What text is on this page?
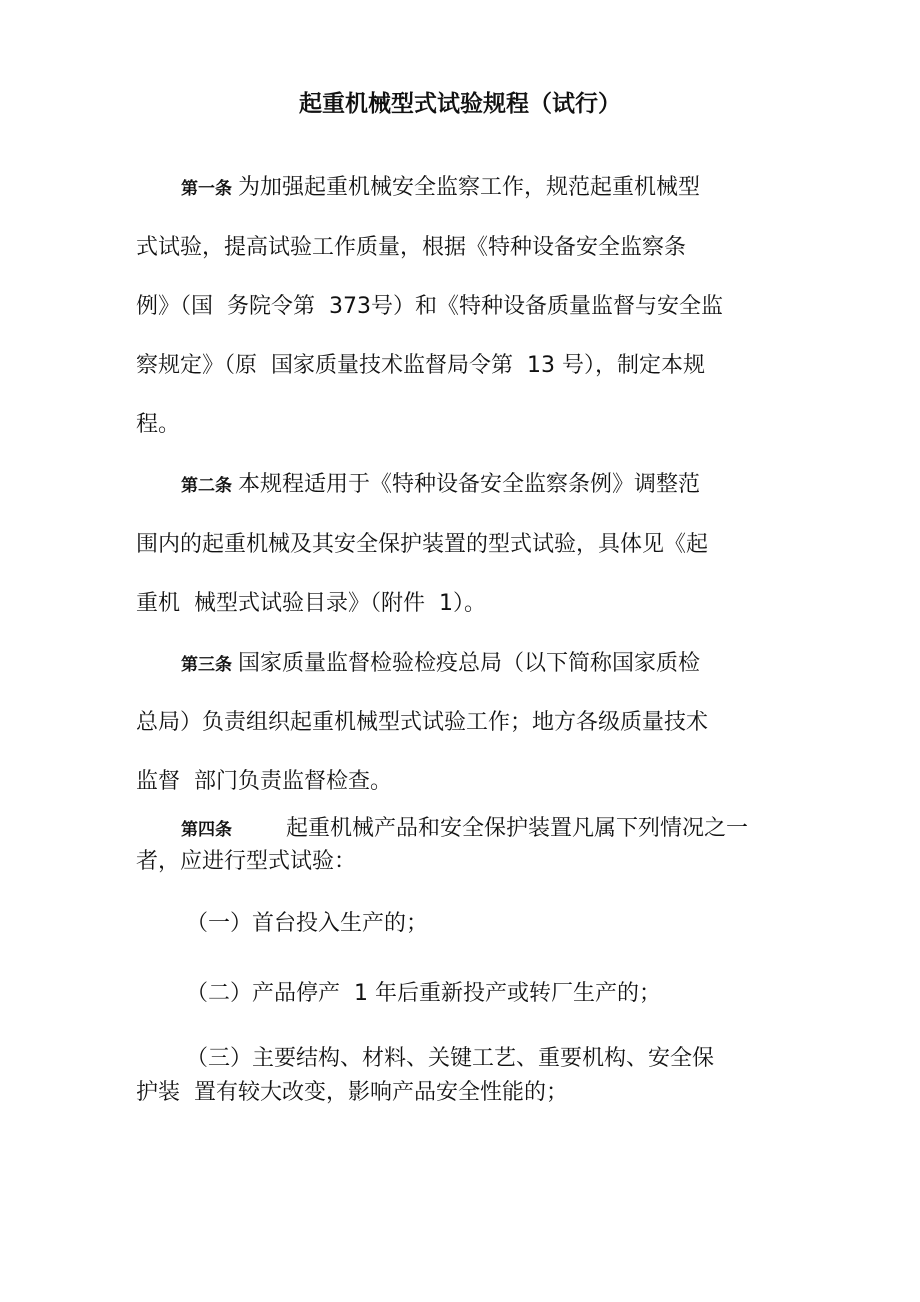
起重机械型式试验规程（试行）
第一条 为加强起重机械安全监察工作，规范起重机械型
式试验，提高试验工作质量，根据《特种设备安全监察条
例》（国  务院令第  373号）和《特种设备质量监督与安全监
察规定》（原  国家质量技术监督局令第  13 号），制定本规
程。
第二条 本规程适用于《特种设备安全监察条例》调整范
围内的起重机械及其安全保护装置的型式试验，具体见《起
重机  械型式试验目录》（附件  1）。
第三条 国家质量监督检验检疫总局（以下简称国家质检
总局）负责组织起重机械型式试验工作；地方各级质量技术
监督  部门负责监督检查。
第四条 起重机械产品和安全保护装置凡属下列情况之一
者，应进行型式试验：
（一）首台投入生产的；
（二）产品停产  1 年后重新投产或转厂生产的；
（三）主要结构、材料、关键工艺、重要机构、安全保
护装  置有较大改变，影响产品安全性能的；
